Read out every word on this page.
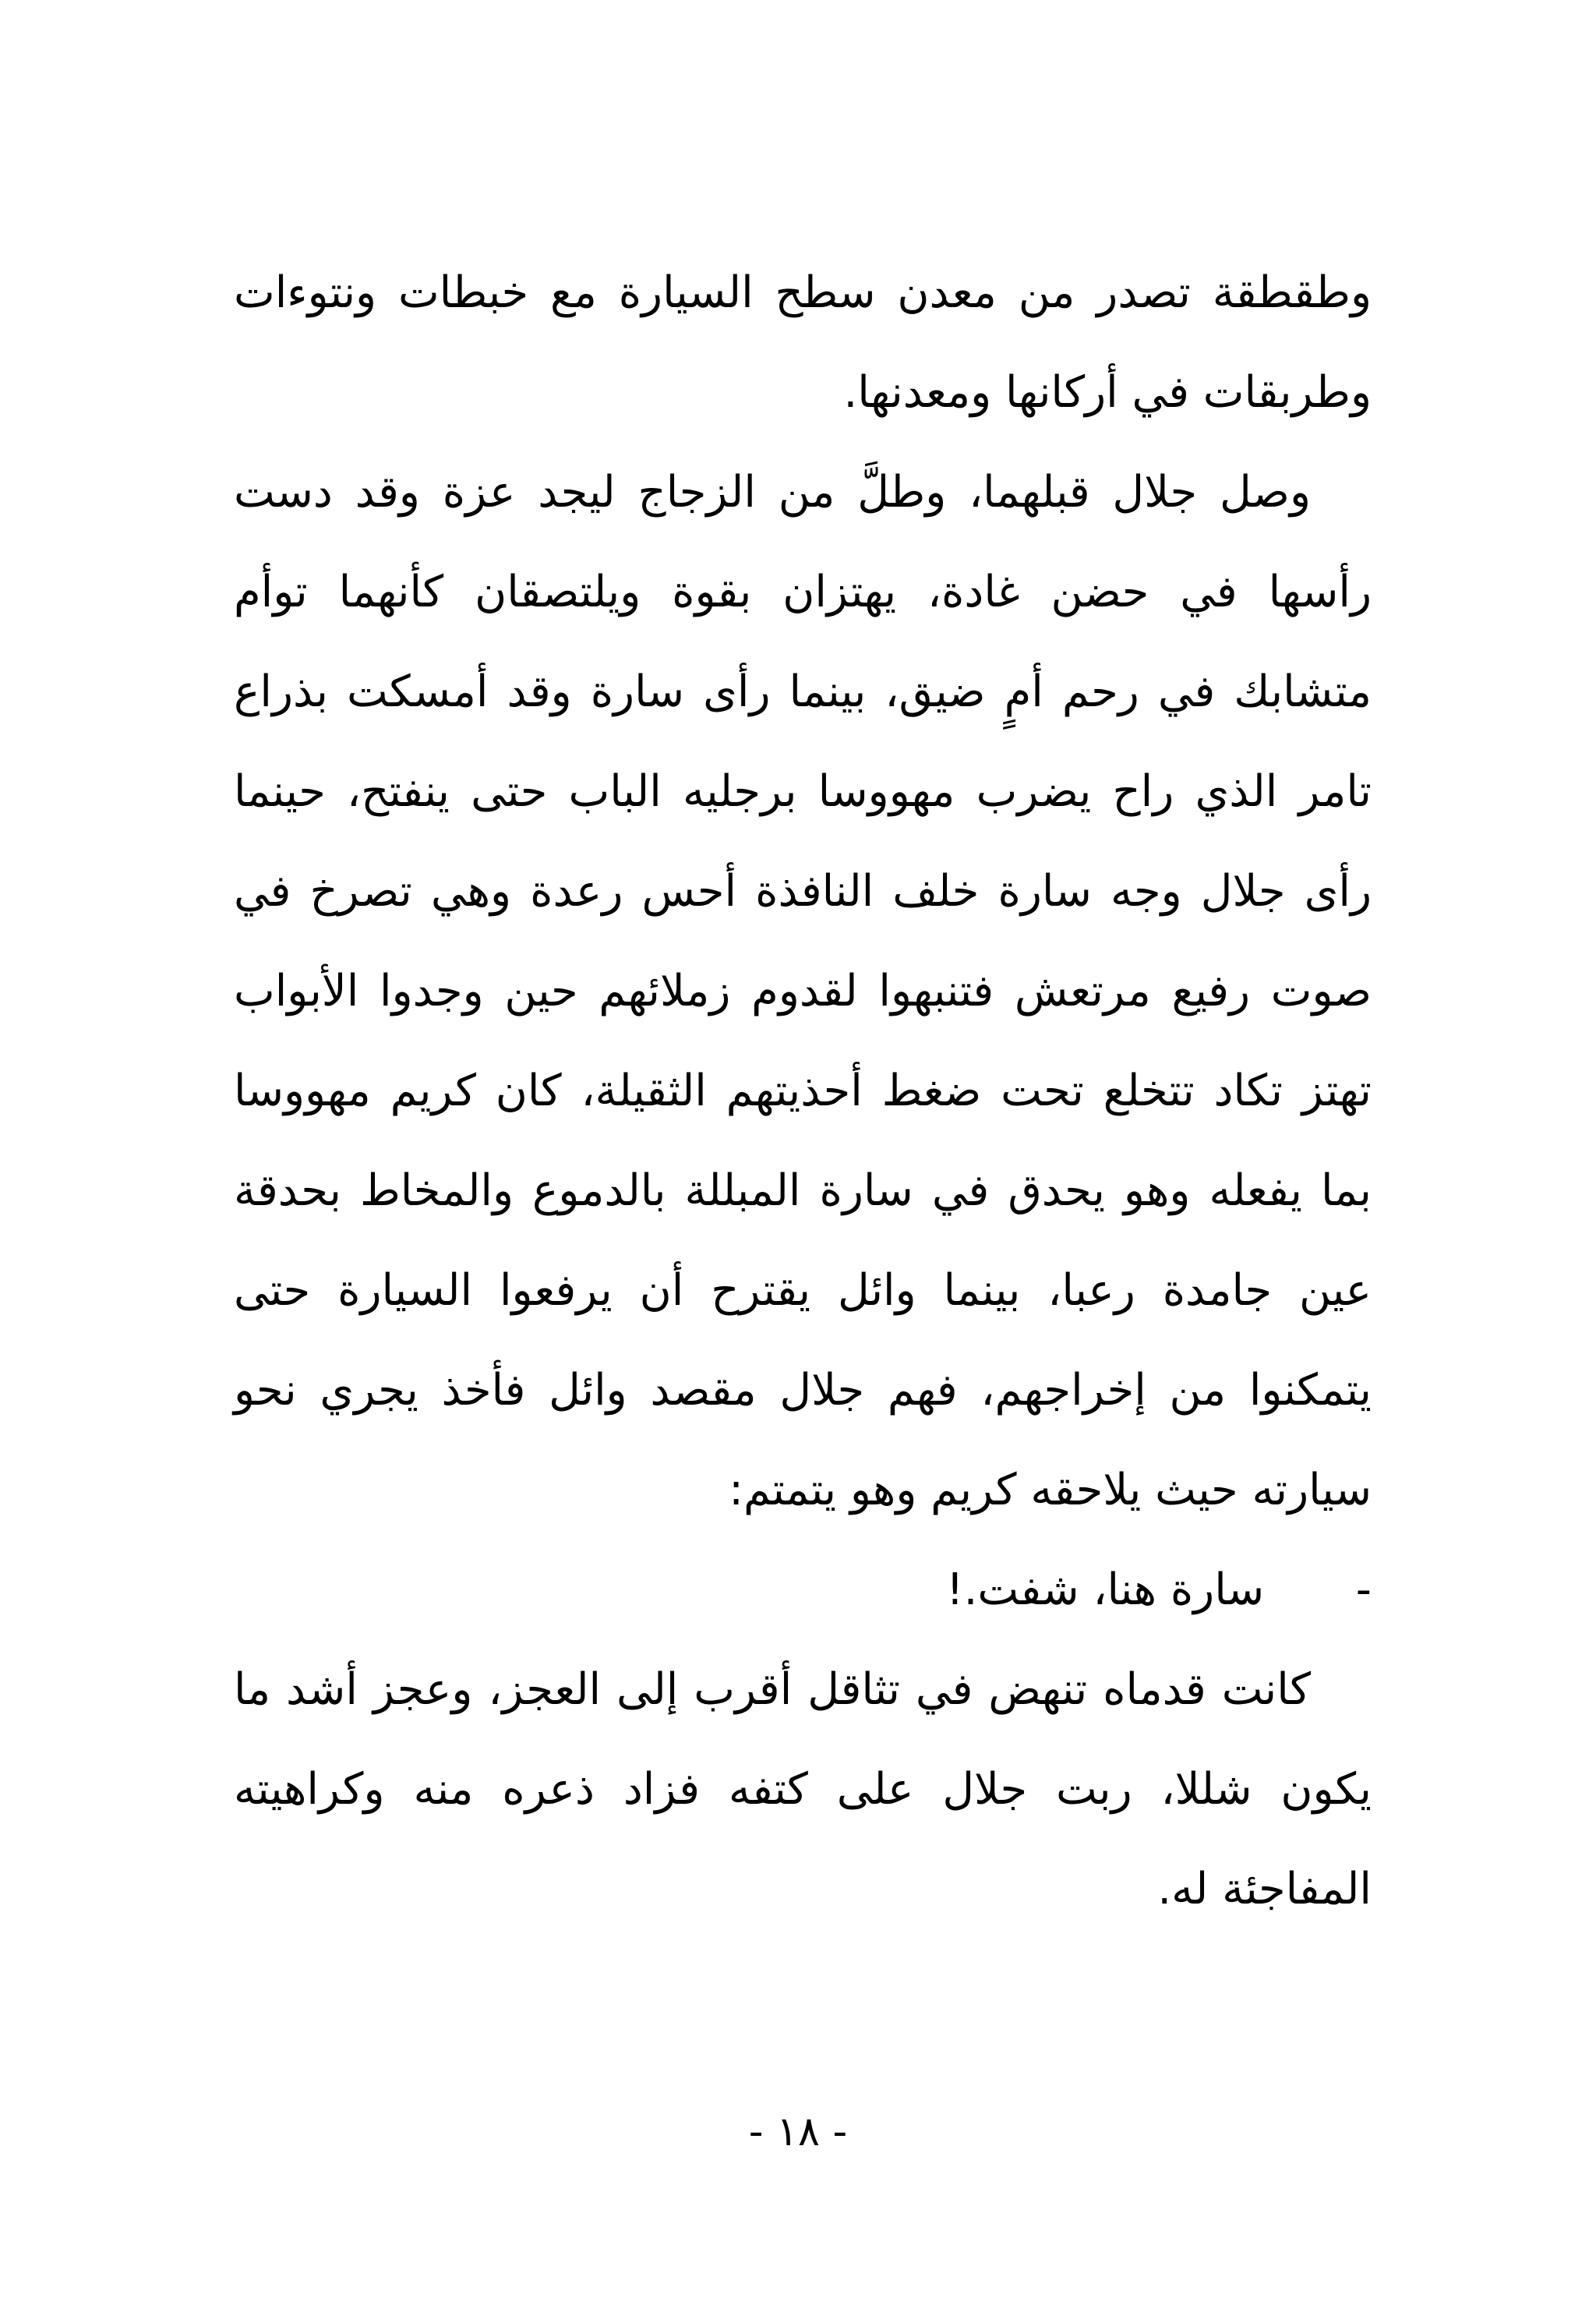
وطقطقة تصدر من معدن سطح السيارة مع خبطات ونتوءات وطربقات في أركانها ومعدنها.

وصل جلال قبلهما، وطلَّ من الزجاج ليجد عزة وقد دست رأسها في حضن غادة، يهتزان بقوة ويلتصقان كأنهما توأم متشابك في رحم أمٍ ضيق، بينما رأى سارة وقد أمسكت بذراع تامر الذي راح يضرب مهووسا برجليه الباب حتى ينفتح، حينما رأى جلال وجه سارة خلف النافذة أحس رعدة وهي تصرخ في صوت رفيع مرتعش فتنبهوا لقدوم زملائهم حين وجدوا الأبواب تهتز تكاد تتخلع تحت ضغط أحذيتهم الثقيلة، كان كريم مهووسا بما يفعله وهو يحدق في سارة المبللة بالدموع والمخاط بحدقة عين جامدة رعبا، بينما وائل يقترح أن يرفعوا السيارة حتى يتمكنوا من إخراجهم، فهم جلال مقصد وائل فأخذ يجري نحو سيارته حيث يلاحقه كريم وهو يتمتم:

- سارة هنا، شفت.!

كانت قدماه تنهض في تثاقل أقرب إلى العجز، وعجز أشد ما يكون شللا، ربت جلال على كتفه فزاد ذعره منه وكراهيته المفاجئة له.

- ١٨ -
